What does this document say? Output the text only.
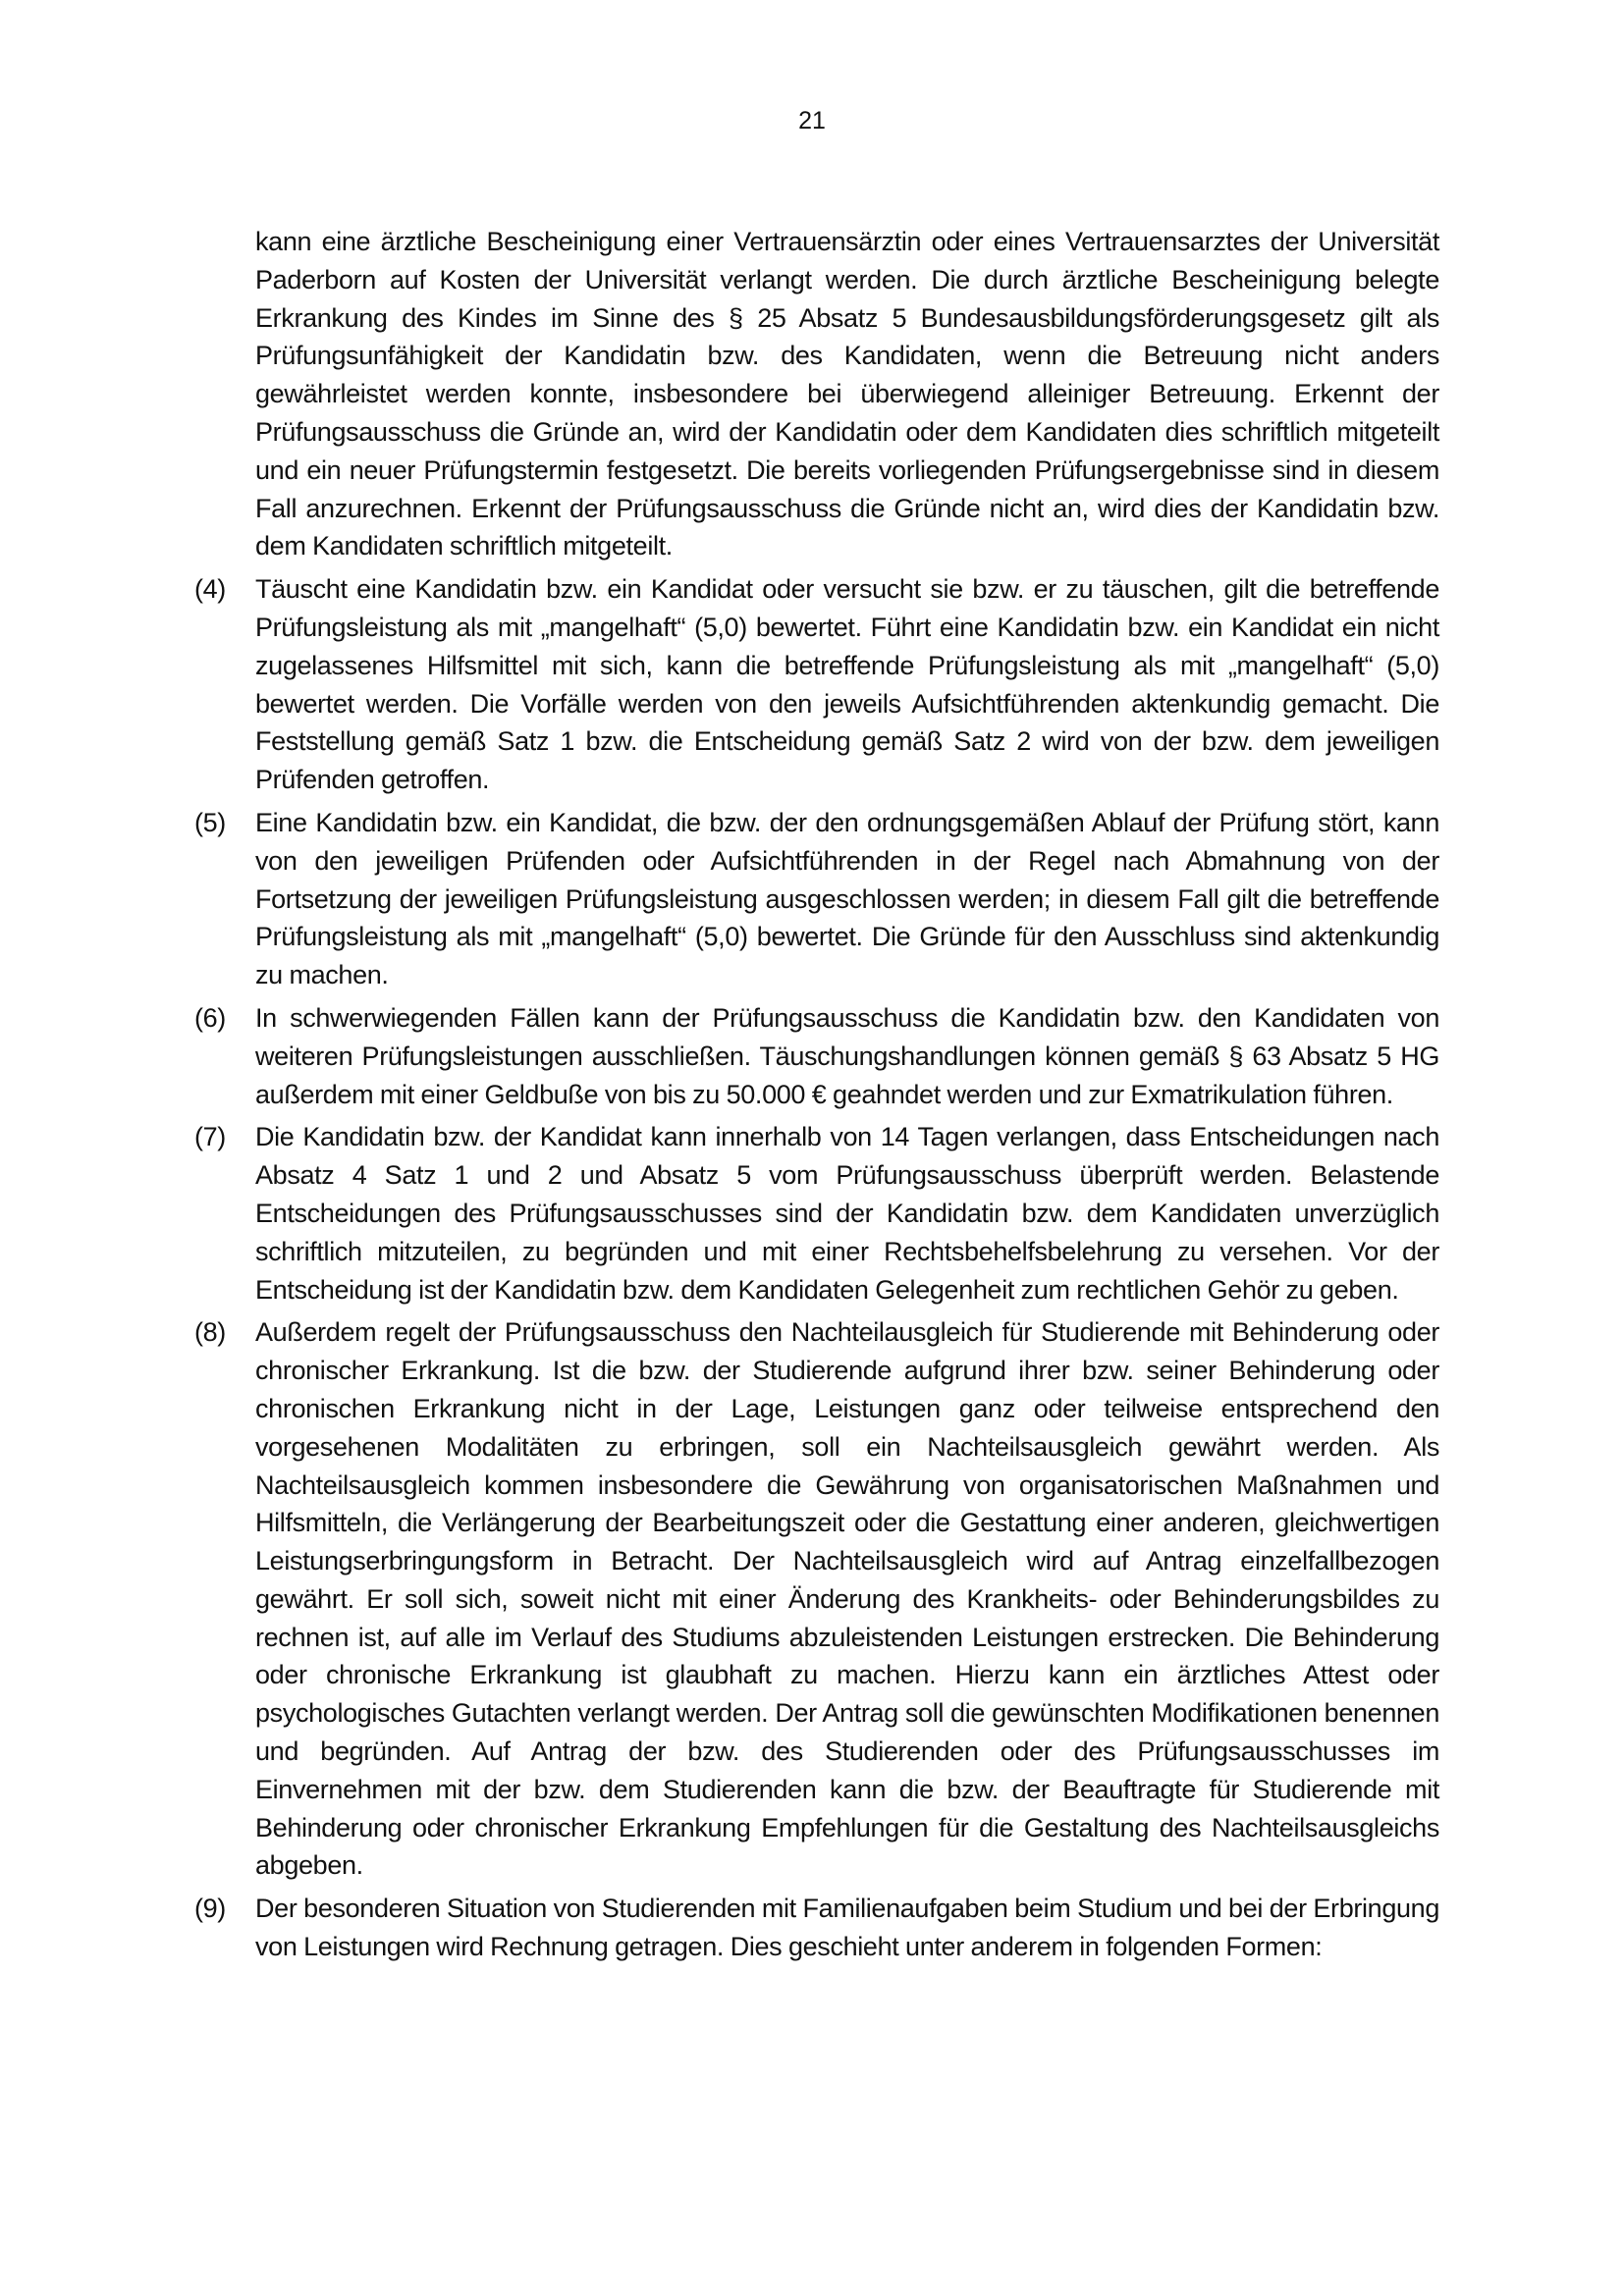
21
kann eine ärztliche Bescheinigung einer Vertrauensärztin oder eines Vertrauensarztes der Universität Paderborn auf Kosten der Universität verlangt werden. Die durch ärztliche Bescheinigung belegte Erkrankung des Kindes im Sinne des § 25 Absatz 5 Bundesausbildungsförderungsgesetz gilt als Prüfungsunfähigkeit der Kandidatin bzw. des Kandidaten, wenn die Betreuung nicht anders gewährleistet werden konnte, insbesondere bei überwiegend alleiniger Betreuung. Erkennt der Prüfungsausschuss die Gründe an, wird der Kandidatin oder dem Kandidaten dies schriftlich mitgeteilt und ein neuer Prüfungstermin festgesetzt. Die bereits vorliegenden Prüfungsergebnisse sind in diesem Fall anzurechnen. Erkennt der Prüfungsausschuss die Gründe nicht an, wird dies der Kandidatin bzw. dem Kandidaten schriftlich mitgeteilt.
(4)	Täuscht eine Kandidatin bzw. ein Kandidat oder versucht sie bzw. er zu täuschen, gilt die betreffende Prüfungsleistung als mit „mangelhaft“ (5,0) bewertet. Führt eine Kandidatin bzw. ein Kandidat ein nicht zugelassenes Hilfsmittel mit sich, kann die betreffende Prüfungsleistung als mit „mangelhaft“ (5,0) bewertet werden. Die Vorfälle werden von den jeweils Aufsichtführenden aktenkundig gemacht. Die Feststellung gemäß Satz 1 bzw. die Entscheidung gemäß Satz 2 wird von der bzw. dem jeweiligen Prüfenden getroffen.
(5)	Eine Kandidatin bzw. ein Kandidat, die bzw. der den ordnungsgemäßen Ablauf der Prüfung stört, kann von den jeweiligen Prüfenden oder Aufsichtführenden in der Regel nach Abmahnung von der Fortsetzung der jeweiligen Prüfungsleistung ausgeschlossen werden; in diesem Fall gilt die betreffende Prüfungsleistung als mit „mangelhaft“ (5,0) bewertet. Die Gründe für den Ausschluss sind aktenkundig zu machen.
(6)	In schwerwiegenden Fällen kann der Prüfungsausschuss die Kandidatin bzw. den Kandidaten von weiteren Prüfungsleistungen ausschließen. Täuschungshandlungen können gemäß § 63 Absatz 5 HG außerdem mit einer Geldbuße von bis zu 50.000 € geahndet werden und zur Exmatrikulation führen.
(7)	Die Kandidatin bzw. der Kandidat kann innerhalb von 14 Tagen verlangen, dass Entscheidungen nach Absatz 4 Satz 1 und 2 und Absatz 5 vom Prüfungsausschuss überprüft werden. Belastende Entscheidungen des Prüfungsausschusses sind der Kandidatin bzw. dem Kandidaten unverzüglich schriftlich mitzuteilen, zu begründen und mit einer Rechtsbehelfsbelehrung zu versehen. Vor der Entscheidung ist der Kandidatin bzw. dem Kandidaten Gelegenheit zum rechtlichen Gehör zu geben.
(8)	Außerdem regelt der Prüfungsausschuss den Nachteilausgleich für Studierende mit Behinderung oder chronischer Erkrankung. Ist die bzw. der Studierende aufgrund ihrer bzw. seiner Behinderung oder chronischen Erkrankung nicht in der Lage, Leistungen ganz oder teilweise entsprechend den vorgesehenen Modalitäten zu erbringen, soll ein Nachteilsausgleich gewährt werden. Als Nachteilsausgleich kommen insbesondere die Gewährung von organisatorischen Maßnahmen und Hilfsmitteln, die Verlängerung der Bearbeitungszeit oder die Gestattung einer anderen, gleichwertigen Leistungserbringungsform in Betracht. Der Nachteilsausgleich wird auf Antrag einzelfallbezogen gewährt. Er soll sich, soweit nicht mit einer Änderung des Krankheits- oder Behinderungsbildes zu rechnen ist, auf alle im Verlauf des Studiums abzuleistenden Leistungen erstrecken. Die Behinderung oder chronische Erkrankung ist glaubhaft zu machen. Hierzu kann ein ärztliches Attest oder psychologisches Gutachten verlangt werden. Der Antrag soll die gewünschten Modifikationen benennen und begründen. Auf Antrag der bzw. des Studierenden oder des Prüfungsausschusses im Einvernehmen mit der bzw. dem Studierenden kann die bzw. der Beauftragte für Studierende mit Behinderung oder chronischer Erkrankung Empfehlungen für die Gestaltung des Nachteilsausgleichs abgeben.
(9)	Der besonderen Situation von Studierenden mit Familienaufgaben beim Studium und bei der Erbringung von Leistungen wird Rechnung getragen. Dies geschieht unter anderem in folgenden Formen:
